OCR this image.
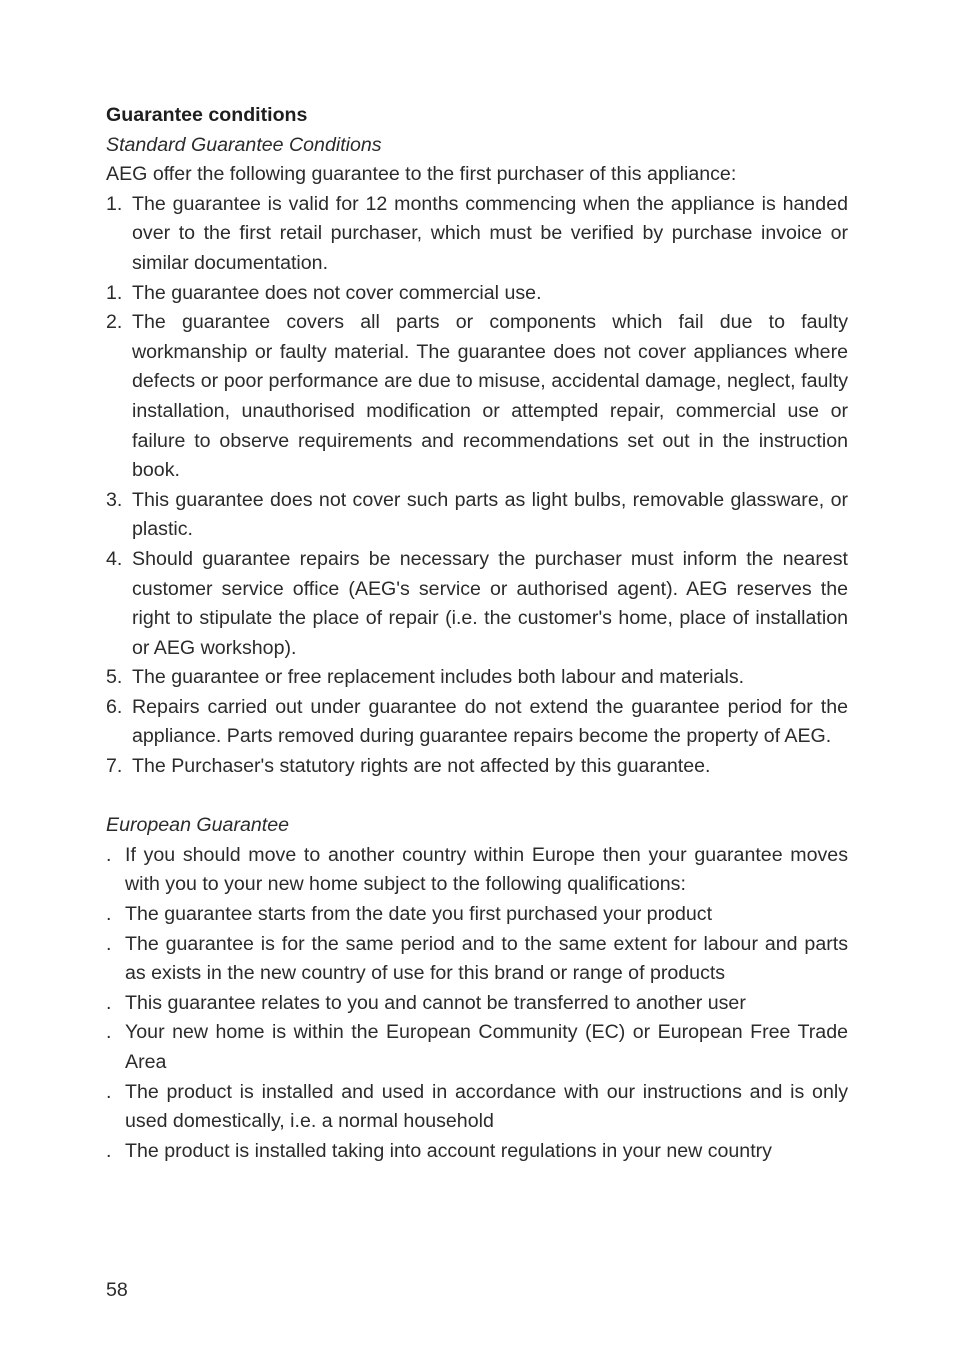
Guarantee conditions
Standard Guarantee Conditions
AEG offer the following guarantee to the first purchaser of this appliance:
1. The guarantee is valid for 12 months commencing when the appliance is handed over to the first retail purchaser, which must be verified by purchase invoice or similar documentation.
1. The guarantee does not cover commercial use.
2. The guarantee covers all parts or components which fail due to faulty workmanship or faulty material. The guarantee does not cover appliances where defects or poor performance are due to misuse, accidental damage, neglect, faulty installation, unauthorised modification or attempted repair, commercial use or failure to observe requirements and recommendations set out in the instruction book.
3. This guarantee does not cover such parts as light bulbs, removable glassware, or plastic.
4. Should guarantee repairs be necessary the purchaser must inform the nearest customer service office (AEG's service or authorised agent). AEG reserves the right to stipulate the place of repair (i.e. the customer's home, place of installation or AEG workshop).
5. The guarantee or free replacement includes both labour and materials.
6. Repairs carried out under guarantee do not extend the guarantee period for the appliance. Parts removed during guarantee repairs become the property of AEG.
7. The Purchaser's statutory rights are not affected by this guarantee.
European Guarantee
. If you should move to another country within Europe then your guarantee moves with you to your new home subject to the following qualifications:
. The guarantee starts from the date you first purchased your product
. The guarantee is for the same period and to the same extent for labour and parts as exists in the new country of use for this brand or range of products
. This guarantee relates to you and cannot be transferred to another user
. Your new home is within the European Community (EC) or European Free Trade Area
. The product is installed and used in accordance with our instructions and is only used domestically, i.e. a normal household
. The product is installed taking into account regulations in your new country
58
